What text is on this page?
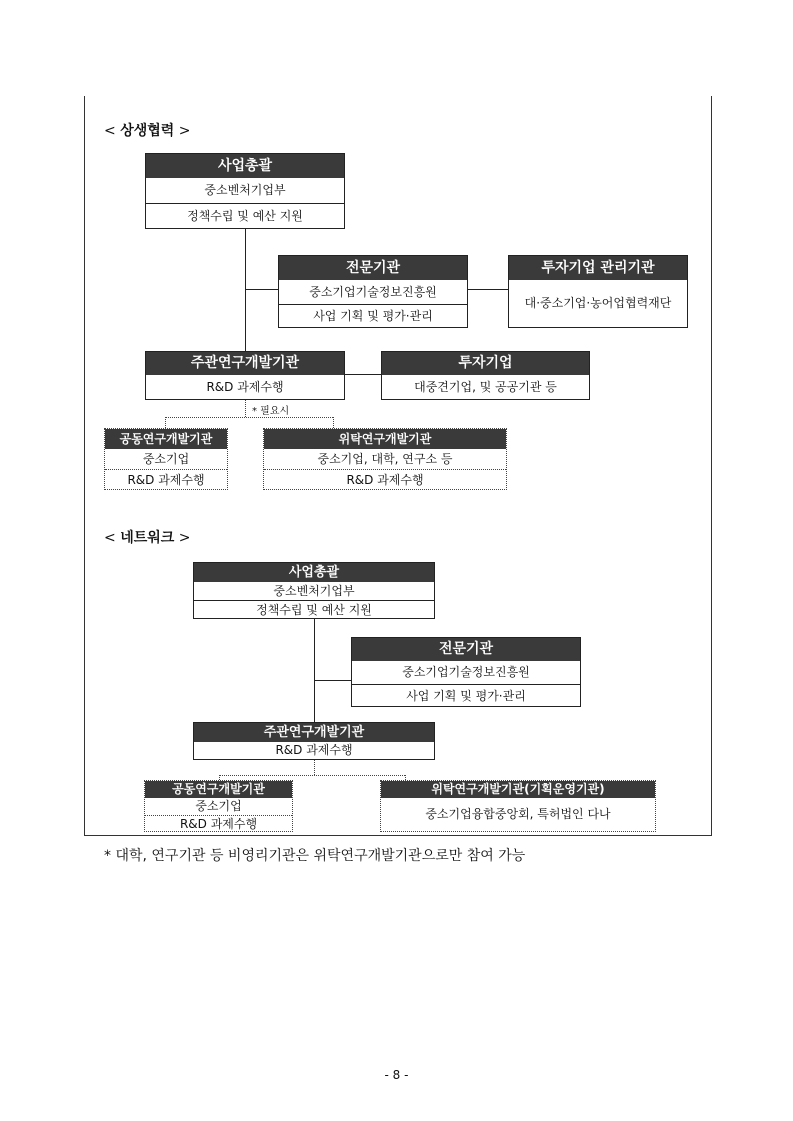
< 상생협력 >
* 필요시
사업총괄
중소벤처기업부
정책수립 및 예산 지원
전문기관
중소기업기술정보진흥원
사업 기획 및 평가·관리
투자기업 관리기관
대·중소기업·농어업협력재단
주관연구개발기관
R&D 과제수행
투자기업
대중견기업, 및 공공기관 등
공동연구개발기관
중소기업
R&D 과제수행
위탁연구개발기관
중소기업, 대학, 연구소 등
R&D 과제수행
< 네트워크 >
사업총괄
중소벤처기업부
정책수립 및 예산 지원
전문기관
중소기업기술정보진흥원
사업 기획 및 평가·관리
주관연구개발기관
R&D 과제수행
공동연구개발기관
중소기업
R&D 과제수행
위탁연구개발기관(기획운영기관)
중소기업융합중앙회, 특허법인 다나
* 대학, 연구기관 등 비영리기관은 위탁연구개발기관으로만 참여 가능
- 8 -
